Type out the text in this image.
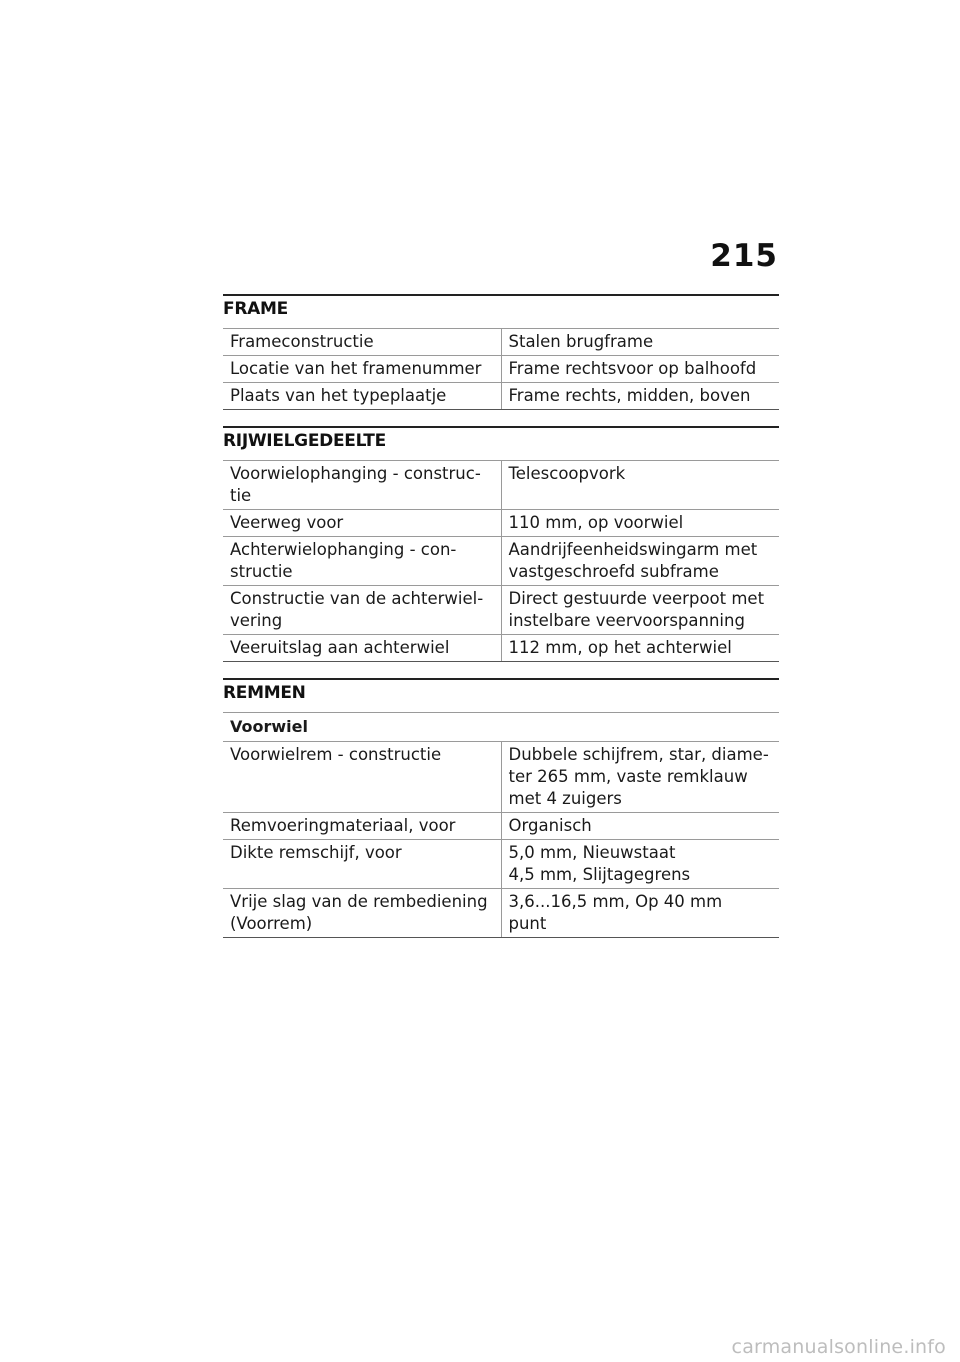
215
FRAME
Frameconstructie	Stalen brugframe

Locatie van het framenummer	Frame rechtsvoor op balhoofd

Plaats van het typeplaatje	Frame rechts, midden, boven
RIJWIELGEDEELTE
Voorwielophanging - construc-
tie	Telescoopvork

Veerweg voor	110 mm, op voorwiel

Achterwielophanging - con-
structie	Aandrijfeenheidswingarm met
vastgeschroefd subframe

Constructie van de achterwiel-
vering	Direct gestuurde veerpoot met
instelbare veervoorspanning

Veeruitslag aan achterwiel	112 mm, op het achterwiel
REMMEN
Voorwiel	

Voorwielrem - constructie	Dubbele schijfrem, star, diame-
ter 265 mm, vaste remklauw
met 4 zuigers

Remvoeringmateriaal, voor	Organisch

Dikte remschijf, voor	5,0 mm, Nieuwstaat
4,5 mm, Slijtagegrens

Vrije slag van de rembediening
(Voorrem)	3,6...16,5 mm, Op 40 mm
punt
carmanualsonline.info
